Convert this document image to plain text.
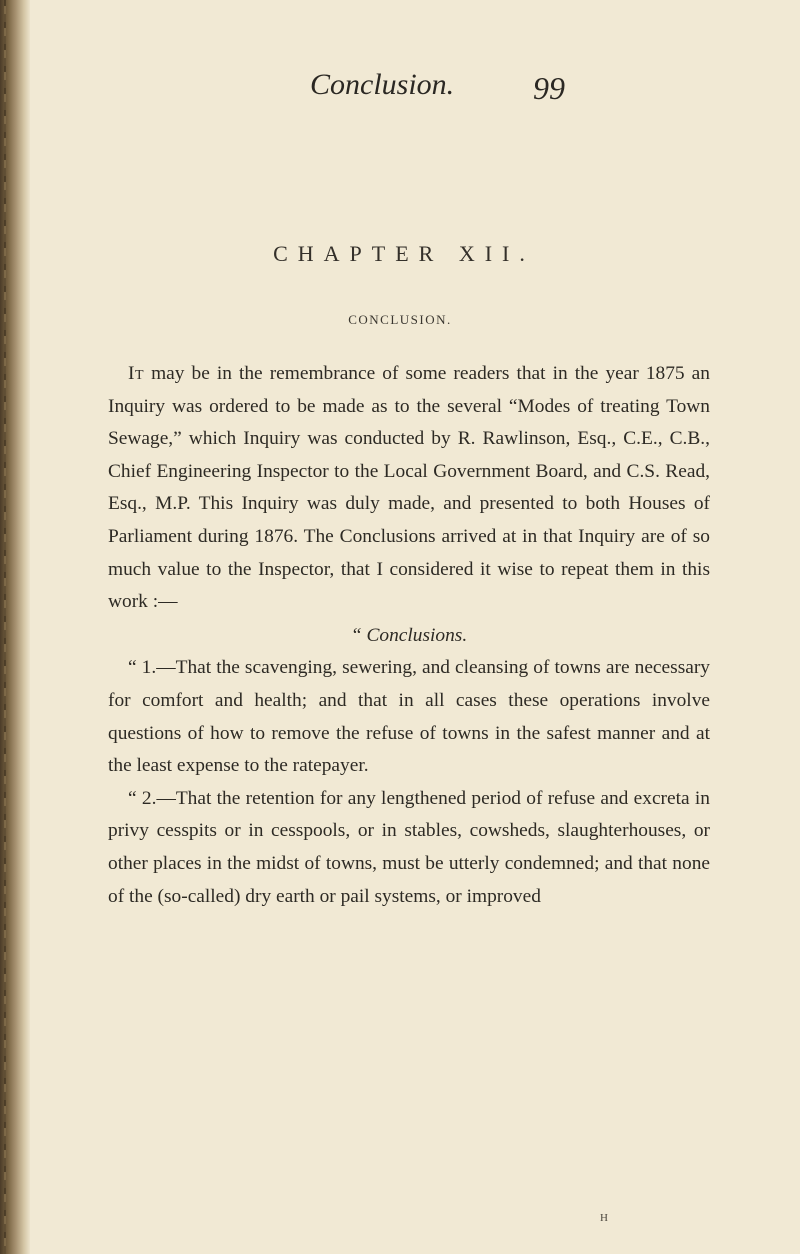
Conclusion. 99
CHAPTER XII.
CONCLUSION.

It may be in the remembrance of some readers that in the year 1875 an Inquiry was ordered to be made as to the several “Modes of treating Town Sewage,” which Inquiry was conducted by R. Rawlinson, Esq., C.E., C.B., Chief Engineering Inspector to the Local Government Board, and C.S. Read, Esq., M.P. This Inquiry was duly made, and presented to both Houses of Parliament during 1876. The Conclusions arrived at in that Inquiry are of so much value to the Inspector, that I considered it wise to repeat them in this work :—

“ Conclusions.

“ 1.—That the scavenging, sewering, and cleansing of towns are necessary for comfort and health; and that in all cases these operations involve questions of how to remove the refuse of towns in the safest manner and at the least expense to the ratepayer.

“ 2.—That the retention for any lengthened period of refuse and excreta in privy cesspits or in cesspools, or in stables, cowsheds, slaughterhouses, or other places in the midst of towns, must be utterly condemned; and that none of the (so-called) dry earth or pail systems, or improved

H
